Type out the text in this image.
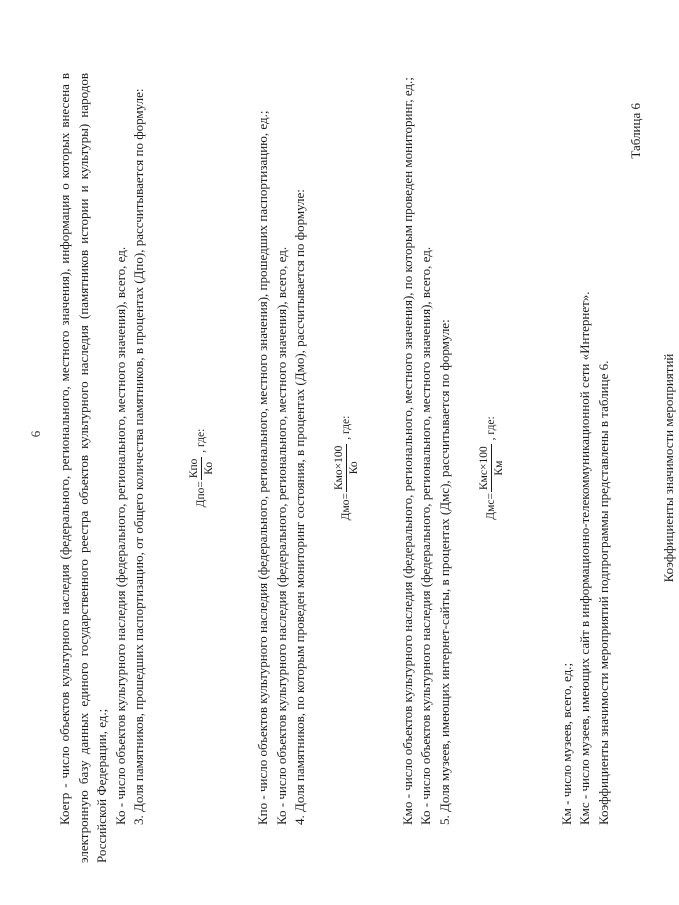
6 Коегр - число объектов культурного наследия (федерального, регионального, местного значения), информация о которых внесена в электронную базу данных единого государственного реестра объектов культурного наследия (памятников истории и культуры) народов Российской Федерации, ед.; Ко - число объектов культурного наследия (федерального, регионального, местного значения), всего, ед. 3. Доля памятников, прошедших паспортизацию, от общего количества памятников, в процентах (Дпо), рассчитывается по формуле:	Дпо=
Кпо Ко
, где:	Кпо - число объектов культурного наследия (федерального, регионального, местного значения), прошедших паспортизацию, ед.; Ко - число объектов культурного наследия (федерального, регионального, местного значения), всего, ед. 4. Доля памятников, по которым проведен мониторинг состояния, в процентах (Дмо), рассчитывается по формуле:	Дмо=
Кмо×100 Ко
, где:	Кмо - число объектов культурного наследия (федерального, регионального, местного значения), по которым проведен мониторинг, ед.; Ко - число объектов культурного наследия (федерального, регионального, местного значения), всего, ед. 5. Доля музеев, имеющих интернет-сайты, в процентах (Дмс), рассчитывается по формуле:	Дмс=
Кмс×100 Км
, где:

Км - число музеев, всего, ед.; Кмс - число музеев, имеющих сайт в информационно-телекоммуникационной сети «Интернет». Коэффициенты значимости мероприятий подпрограммы представлены в таблице 6.

Таблица 6

Коэффициенты значимости мероприятий
